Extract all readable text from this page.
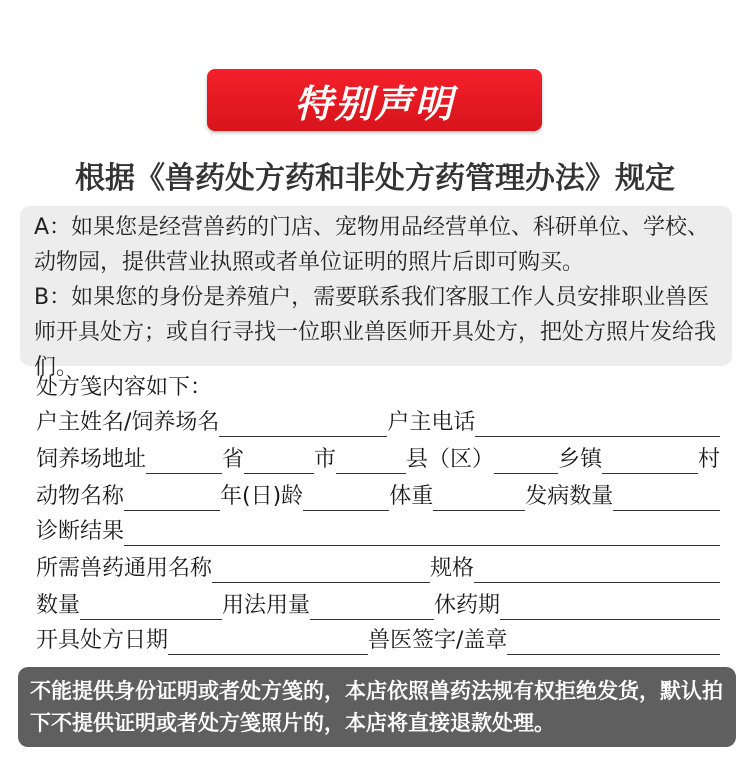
特别声明
根据《兽药处方药和非处方药管理办法》规定

A：如果您是经营兽药的门店、宠物用品经营单位、科研单位、学校、动物园，提供营业执照或者单位证明的照片后即可购买。

B：如果您的身份是养殖户，需要联系我们客服工作人员安排职业兽医师开具处方；或自行寻找一位职业兽医师开具处方，把处方照片发给我们。

处方笺内容如下：
户主姓名/饲养场名	户主电话
饲养场地址	省	市	县（区）	乡镇	村
动物名称	年(日)龄	体重	发病数量
诊断结果
所需兽药通用名称	规格
数量	用法用量	休药期
开具处方日期	兽医签字/盖章

不能提供身份证明或者处方笺的，本店依照兽药法规有权拒绝发货，默认拍下不提供证明或者处方笺照片的，本店将直接退款处理。
